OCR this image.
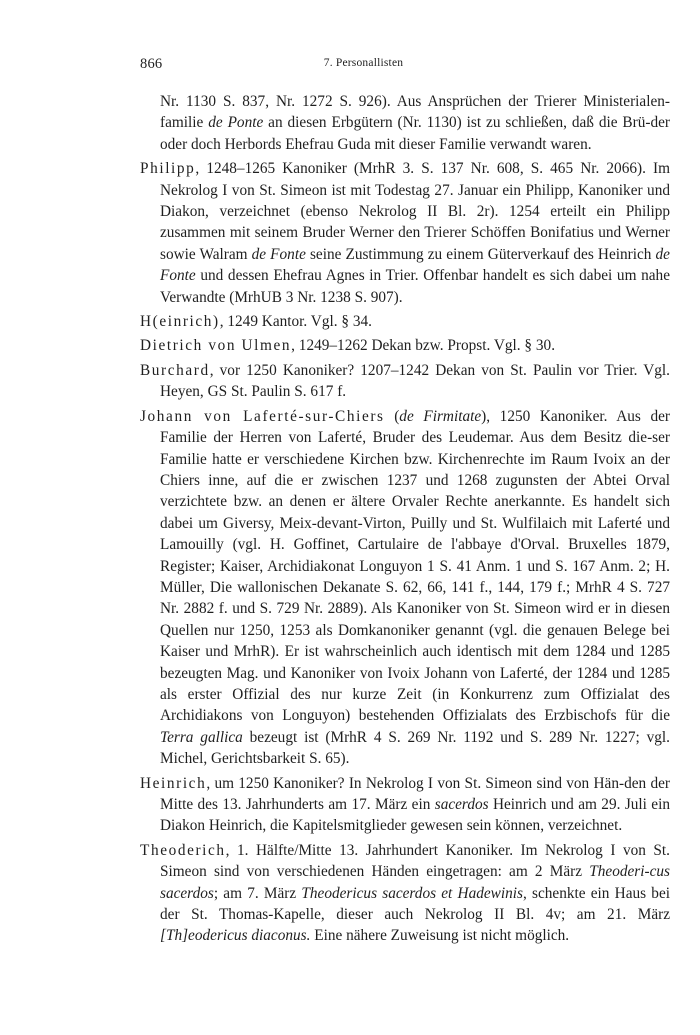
866	7. Personallisten

Nr. 1130 S. 837, Nr. 1272 S. 926). Aus Ansprüchen der Trierer Ministerialen-familie de Ponte an diesen Erbgütern (Nr. 1130) ist zu schließen, daß die Brü-der oder doch Herbords Ehefrau Guda mit dieser Familie verwandt waren.

Philipp, 1248–1265 Kanoniker (MrhR 3. S. 137 Nr. 608, S. 465 Nr. 2066). Im Nekrolog I von St. Simeon ist mit Todestag 27. Januar ein Philipp, Kanoniker und Diakon, verzeichnet (ebenso Nekrolog II Bl. 2r). 1254 erteilt ein Philipp zusammen mit seinem Bruder Werner den Trierer Schöffen Bonifatius und Werner sowie Walram de Fonte seine Zustimmung zu einem Güterverkauf des Heinrich de Fonte und dessen Ehefrau Agnes in Trier. Offenbar handelt es sich dabei um nahe Verwandte (MrhUB 3 Nr. 1238 S. 907).

H(einrich), 1249 Kantor. Vgl. § 34.

Dietrich von Ulmen, 1249–1262 Dekan bzw. Propst. Vgl. § 30.

Burchard, vor 1250 Kanoniker? 1207–1242 Dekan von St. Paulin vor Trier. Vgl. Heyen, GS St. Paulin S. 617 f.

Johann von Laferté-sur-Chiers (de Firmitate), 1250 Kanoniker. Aus der Familie der Herren von Laferté, Bruder des Leudemar. Aus dem Besitz die-ser Familie hatte er verschiedene Kirchen bzw. Kirchenrechte im Raum Ivoix an der Chiers inne, auf die er zwischen 1237 und 1268 zugunsten der Abtei Orval verzichtete bzw. an denen er ältere Orvaler Rechte anerkannte. Es handelt sich dabei um Giversy, Meix-devant-Virton, Puilly und St. Wulfilaich mit Laferté und Lamouilly (vgl. H. Goffinet, Cartulaire de l'abbaye d'Orval. Bruxelles 1879, Register; Kaiser, Archidiakonat Longuyon 1 S. 41 Anm. 1 und S. 167 Anm. 2; H. Müller, Die wallonischen Dekanate S. 62, 66, 141 f., 144, 179 f.; MrhR 4 S. 727 Nr. 2882 f. und S. 729 Nr. 2889). Als Kanoniker von St. Simeon wird er in diesen Quellen nur 1250, 1253 als Domkanoniker genannt (vgl. die genauen Belege bei Kaiser und MrhR). Er ist wahrscheinlich auch identisch mit dem 1284 und 1285 bezeugten Mag. und Kanoniker von Ivoix Johann von Laferté, der 1284 und 1285 als erster Offizial des nur kurze Zeit (in Konkurrenz zum Offizialat des Archidiakons von Longuyon) bestehenden Offizialats des Erzbischofs für die Terra gallica bezeugt ist (MrhR 4 S. 269 Nr. 1192 und S. 289 Nr. 1227; vgl. Michel, Gerichtsbarkeit S. 65).

Heinrich, um 1250 Kanoniker? In Nekrolog I von St. Simeon sind von Hän-den der Mitte des 13. Jahrhunderts am 17. März ein sacerdos Heinrich und am 29. Juli ein Diakon Heinrich, die Kapitelsmitglieder gewesen sein können, verzeichnet.

Theoderich, 1. Hälfte/Mitte 13. Jahrhundert Kanoniker. Im Nekrolog I von St. Simeon sind von verschiedenen Händen eingetragen: am 2 März Theoderi-cus sacerdos; am 7. März Theodericus sacerdos et Hadewinis, schenkte ein Haus bei der St. Thomas-Kapelle, dieser auch Nekrolog II Bl. 4v; am 21. März [Th]eodericus diaconus. Eine nähere Zuweisung ist nicht möglich.
